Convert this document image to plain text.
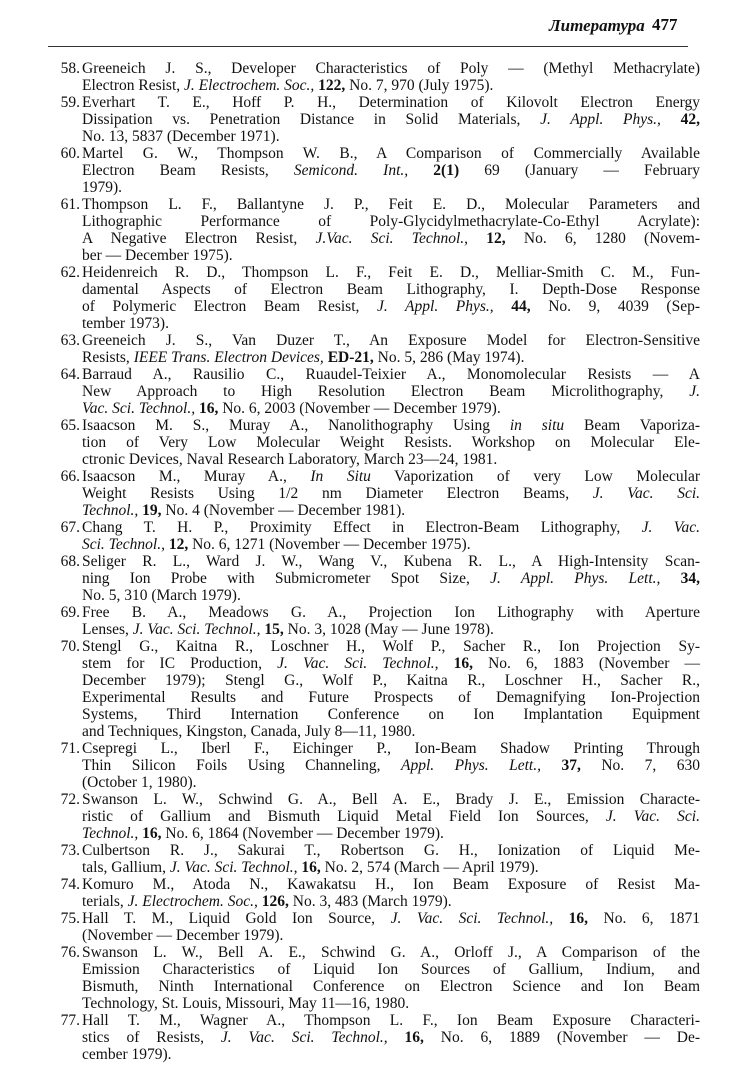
Литература 477
58. Greeneich J. S., Developer Characteristics of Poly — (Methyl Methacrylate)
Electron Resist, J. Electrochem. Soc., 122, No. 7, 970 (July 1975).
59. Everhart T. E., Hoff P. H., Determination of Kilovolt Electron Energy
Dissipation vs. Penetration Distance in Solid Materials, J. Appl. Phys., 42,
No. 13, 5837 (December 1971).
60. Martel G. W., Thompson W. B., A Comparison of Commercially Available
Electron Beam Resists, Semicond. Int., 2(1) 69 (January — February
1979).
61. Thompson L. F., Ballantyne J. P., Feit E. D., Molecular Parameters and
Lithographic Performance of Poly-Glycidylmethacrylate-Co-Ethyl Acrylate):
A Negative Electron Resist, J.Vac. Sci. Technol., 12, No. 6, 1280 (Novem-
ber — December 1975).
62. Heidenreich R. D., Thompson L. F., Feit E. D., Melliar-Smith C. M., Fun-
damental Aspects of Electron Beam Lithography, I. Depth-Dose Response
of Polymeric Electron Beam Resist, J. Appl. Phys., 44, No. 9, 4039 (Sep-
tember 1973).
63. Greeneich J. S., Van Duzer T., An Exposure Model for Electron-Sensitive
Resists, IEEE Trans. Electron Devices, ED-21, No. 5, 286 (May 1974).
64. Barraud A., Rausilio C., Ruaudel-Teixier A., Monomolecular Resists — A
New Approach to High Resolution Electron Beam Microlithography, J.
Vac. Sci. Technol., 16, No. 6, 2003 (November — December 1979).
65. Isaacson M. S., Muray A., Nanolithography Using in situ Beam Vaporiza-
tion of Very Low Molecular Weight Resists. Workshop on Molecular Ele-
ctronic Devices, Naval Research Laboratory, March 23—24, 1981.
66. Isaacson M., Muray A., In Situ Vaporization of very Low Molecular
Weight Resists Using 1/2 nm Diameter Electron Beams, J. Vac. Sci.
Technol., 19, No. 4 (November — December 1981).
67. Chang T. H. P., Proximity Effect in Electron-Beam Lithography, J. Vac.
Sci. Technol., 12, No. 6, 1271 (November — December 1975).
68. Seliger R. L., Ward J. W., Wang V., Kubena R. L., A High-Intensity Scan-
ning Ion Probe with Submicrometer Spot Size, J. Appl. Phys. Lett., 34,
No. 5, 310 (March 1979).
69. Free B. A., Meadows G. A., Projection Ion Lithography with Aperture
Lenses, J. Vac. Sci. Technol., 15, No. 3, 1028 (May — June 1978).
70. Stengl G., Kaitna R., Loschner H., Wolf P., Sacher R., Ion Projection Sy-
stem for IC Production, J. Vac. Sci. Technol., 16, No. 6, 1883 (November —
December 1979); Stengl G., Wolf P., Kaitna R., Loschner H., Sacher R.,
Experimental Results and Future Prospects of Demagnifying Ion-Projection
Systems, Third Internation Conference on Ion Implantation Equipment
and Techniques, Kingston, Canada, July 8—11, 1980.
71. Csepregi L., Iberl F., Eichinger P., Ion-Beam Shadow Printing Through
Thin Silicon Foils Using Channeling, Appl. Phys. Lett., 37, No. 7, 630
(October 1, 1980).
72. Swanson L. W., Schwind G. A., Bell A. E., Brady J. E., Emission Characte-
ristic of Gallium and Bismuth Liquid Metal Field Ion Sources, J. Vac. Sci.
Technol., 16, No. 6, 1864 (November — December 1979).
73. Culbertson R. J., Sakurai T., Robertson G. H., Ionization of Liquid Me-
tals, Gallium, J. Vac. Sci. Technol., 16, No. 2, 574 (March — April 1979).
74. Komuro M., Atoda N., Kawakatsu H., Ion Beam Exposure of Resist Ma-
terials, J. Electrochem. Soc., 126, No. 3, 483 (March 1979).
75. Hall T. M., Liquid Gold Ion Source, J. Vac. Sci. Technol., 16, No. 6, 1871
(November — December 1979).
76. Swanson L. W., Bell A. E., Schwind G. A., Orloff J., A Comparison of the
Emission Characteristics of Liquid Ion Sources of Gallium, Indium, and
Bismuth, Ninth International Conference on Electron Science and Ion Beam
Technology, St. Louis, Missouri, May 11—16, 1980.
77. Hall T. M., Wagner A., Thompson L. F., Ion Beam Exposure Characteri-
stics of Resists, J. Vac. Sci. Technol., 16, No. 6, 1889 (November — De-
cember 1979).
